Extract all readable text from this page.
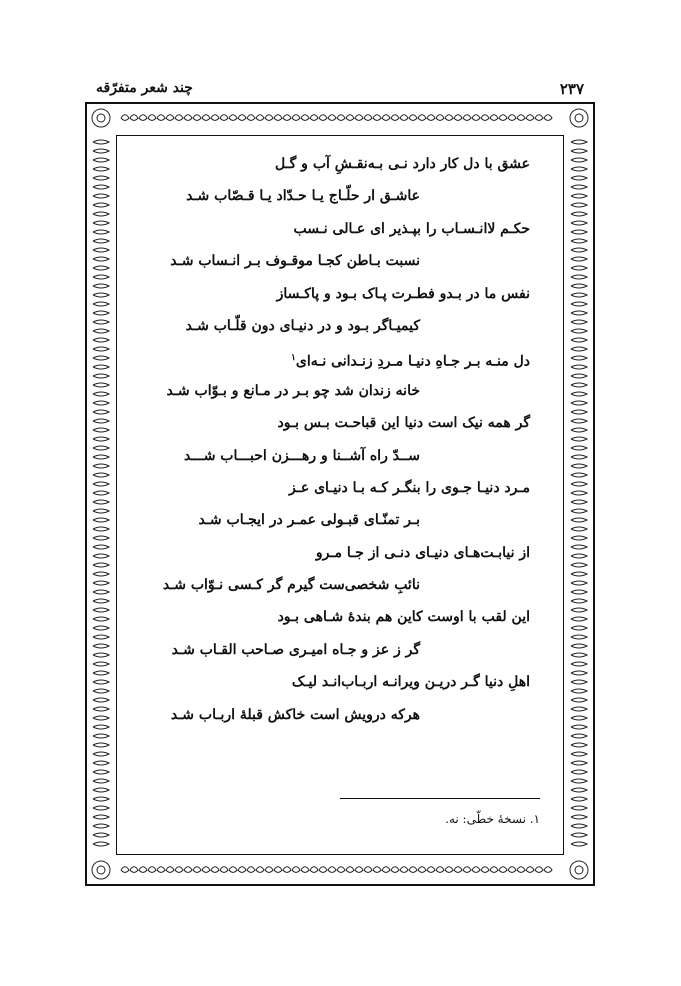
۲۳۷
چند شعر متفرّقه
عشق با دل کار دارد نـی بـه‌نقـشِ آب و گـل
عاشـق ار حلّـاج یـا حـدّاد یـا قـصّاب شـد
حکـم لاانـسـاب را بپـذیر ای عـالی نـسب
نسبت بـاطن کجـا موقـوف بـر انـساب شـد
نفس ما در بـدو فطـرت پـاک بـود و پاکـساز
کیمیـاگر بـود و در دنیـای دون قلّـاب شـد
دل منـه بـر جـاهِ دنیـا مـردِ زنـدانی نـه‌ای$^۱$
خانه زندان شد چو بـر در مـانع و بـوّاب شـد
گر همه نیک است دنیا این قباحـت بـس بـود
ســدّ راه آشــنا و رهـــزن احبـــاب شـــد
مـرد دنیـا جـوی را بنگـر کـه بـا دنیـای عـز
بـر تمنّـای قبـولی عمـر در ایجـاب شـد
از نیابـت‌هـای دنیـای دنـی از جـا مـرو
نائبِ شخصی‌ست گیرم گر کـسی نـوّاب شـد
این لقب با اوست کاین هم بندۀ شـاهی بـود
گر ز عز و جـاه امیـری صـاحب القـاب شـد
اهلِ دنیا گـر دریـن ویرانـه اربـاب‌انـد لیـک
هرکه درویش است خاکش قبلۀ اربـاب شـد
۱. نسخهٔ خطّی: نه.
